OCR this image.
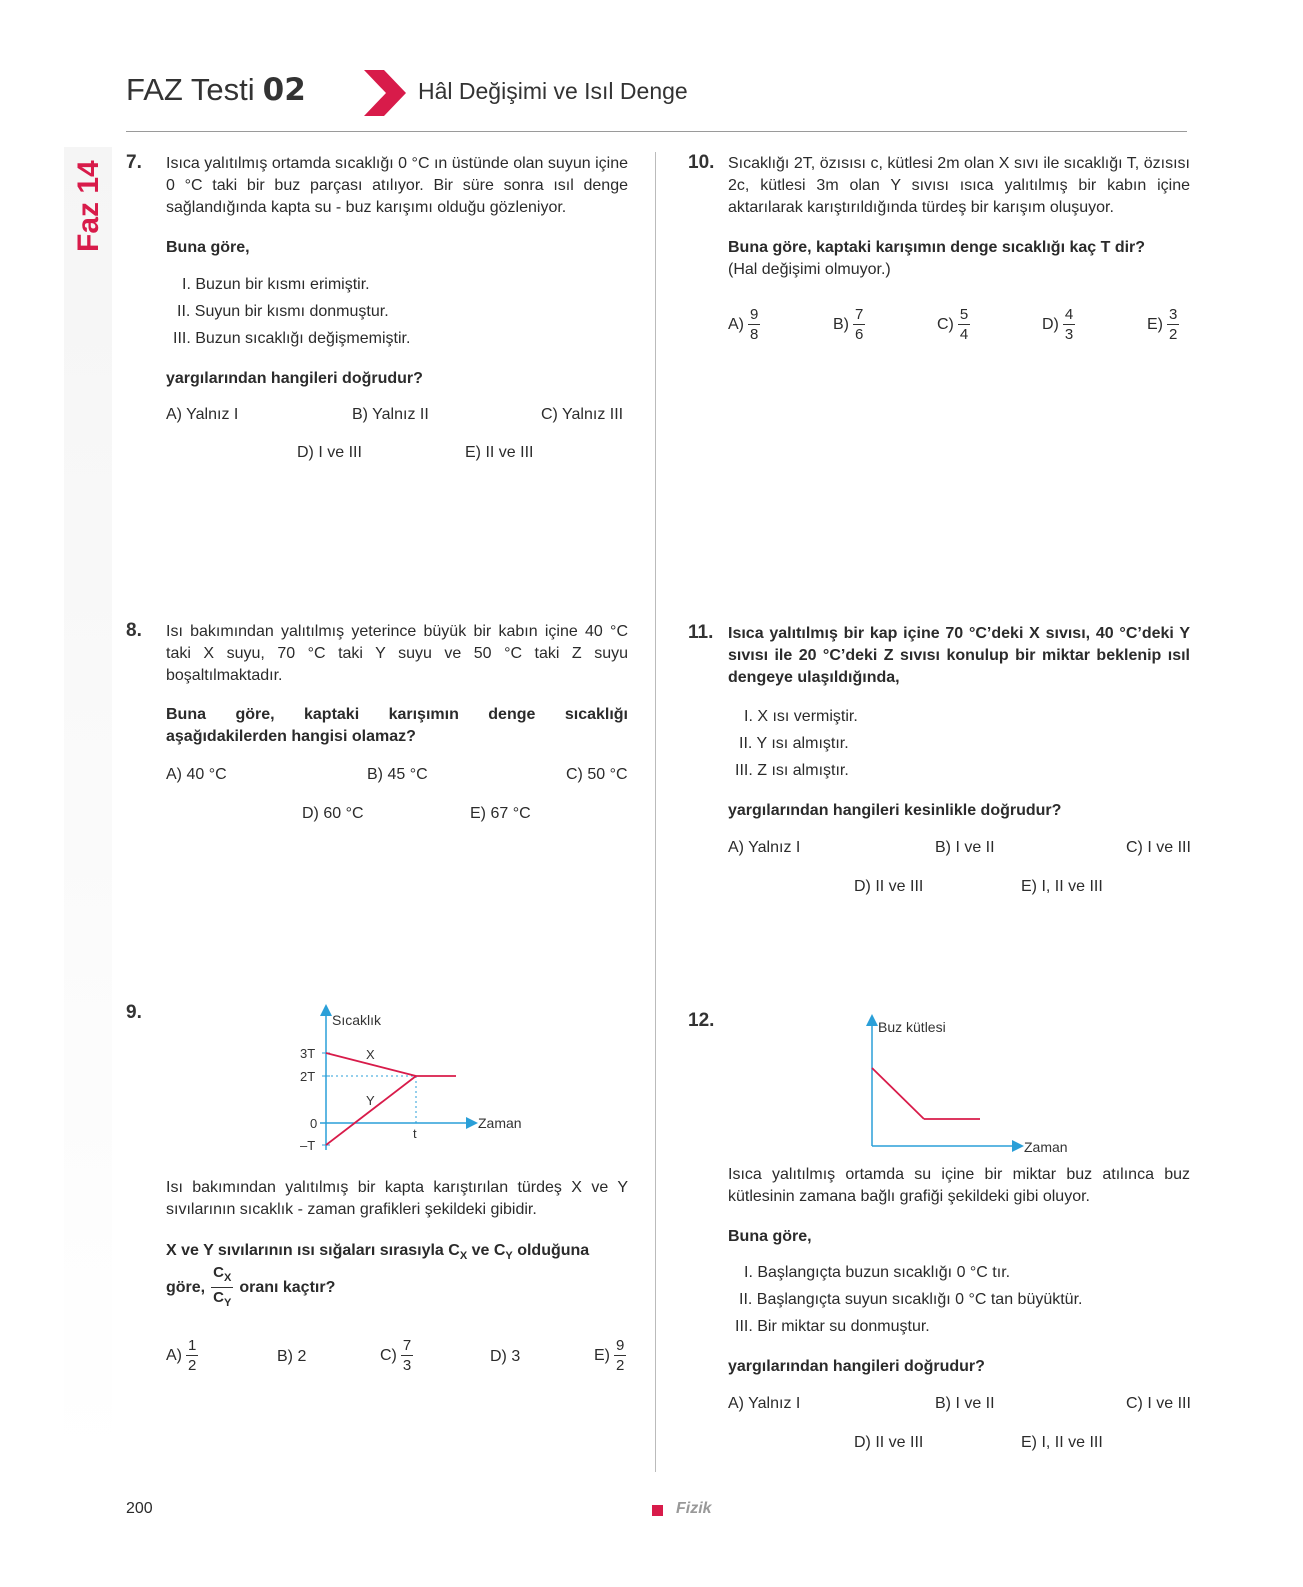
FAZ Testi 02	Hâl Değişimi ve Isıl Denge
Faz 14 7. Isıca yalıtılmış ortamda sıcaklığı 0 °C ın üstünde olan suyun içine 0 °C taki bir buz parçası atılıyor. Bir süre sonra ısıl denge sağlandığında kapta su - buz karışımı olduğu gözleniyor.
Buna göre,
I. Buzun bir kısmı erimiştir.
II. Suyun bir kısmı donmuştur.
III. Buzun sıcaklığı değişmemiştir.
yargılarından hangileri doğrudur?
A) Yalnız I	B) Yalnız II	C) Yalnız III
D) I ve III	E) II ve III
8. Isı bakımından yalıtılmış yeterince büyük bir kabın içine 40 °C taki X suyu, 70 °C taki Y suyu ve 50 °C taki Z suyu boşaltılmaktadır.
Buna göre, kaptaki karışımın denge sıcaklığı aşağıdakilerden hangisi olamaz?
A) 40 °C	B) 45 °C	C) 50 °C
D) 60 °C	E) 67 °C
9.	Sıcaklık
Zaman
3T
2T
0
–T
t
X
Y
Isı bakımından yalıtılmış bir kapta karıştırılan türdeş X ve Y sıvılarının sıcaklık - zaman grafikleri şekildeki gibidir.
X ve Y sıvılarının ısı sığaları sırasıyla $C_X$ ve $C_Y$ olduğuna
göre, $\frac{C_X}{C_Y}$ oranı kaçtır?
$A) \frac{1}{2}$	B) 2	$C) \frac{7}{3}$	D) 3	$E) \frac{9}{2}$
10. Sıcaklığı 2T, özısısı c, kütlesi 2m olan X sıvı ile sıcaklığı T, özısısı 2c, kütlesi 3m olan Y sıvısı ısıca yalıtılmış bir kabın içine aktarılarak karıştırıldığında türdeş bir karışım oluşuyor.
Buna göre, kaptaki karışımın denge sıcaklığı kaç T dir?
(Hal değişimi olmuyor.)
$A) \frac{9}{8}$	$B) \frac{7}{6}$	$C) \frac{5}{4}$	$D) \frac{4}{3}$	$E) \frac{3}{2}$
11. Isıca yalıtılmış bir kap içine 70 °C’deki X sıvısı, 40 °C’deki Y sıvısı ile 20 °C’deki Z sıvısı konulup bir miktar beklenip ısıl dengeye ulaşıldığında,
I. X ısı vermiştir.
II. Y ısı almıştır.
III. Z ısı almıştır.
yargılarından hangileri kesinlikle doğrudur?
A) Yalnız I	B) I ve II	C) I ve III
D) II ve III	E) I, II ve III
12.	Buz kütlesi
Zaman
Isıca yalıtılmış ortamda su içine bir miktar buz atılınca buz kütlesinin zamana bağlı grafiği şekildeki gibi oluyor.
Buna göre,
I. Başlangıçta buzun sıcaklığı 0 °C tır.
II. Başlangıçta suyun sıcaklığı 0 °C tan büyüktür.
III. Bir miktar su donmuştur.
yargılarından hangileri doğrudur?
A) Yalnız I	B) I ve II	C) I ve III
D) II ve III	E) I, II ve III
200	Fizik
